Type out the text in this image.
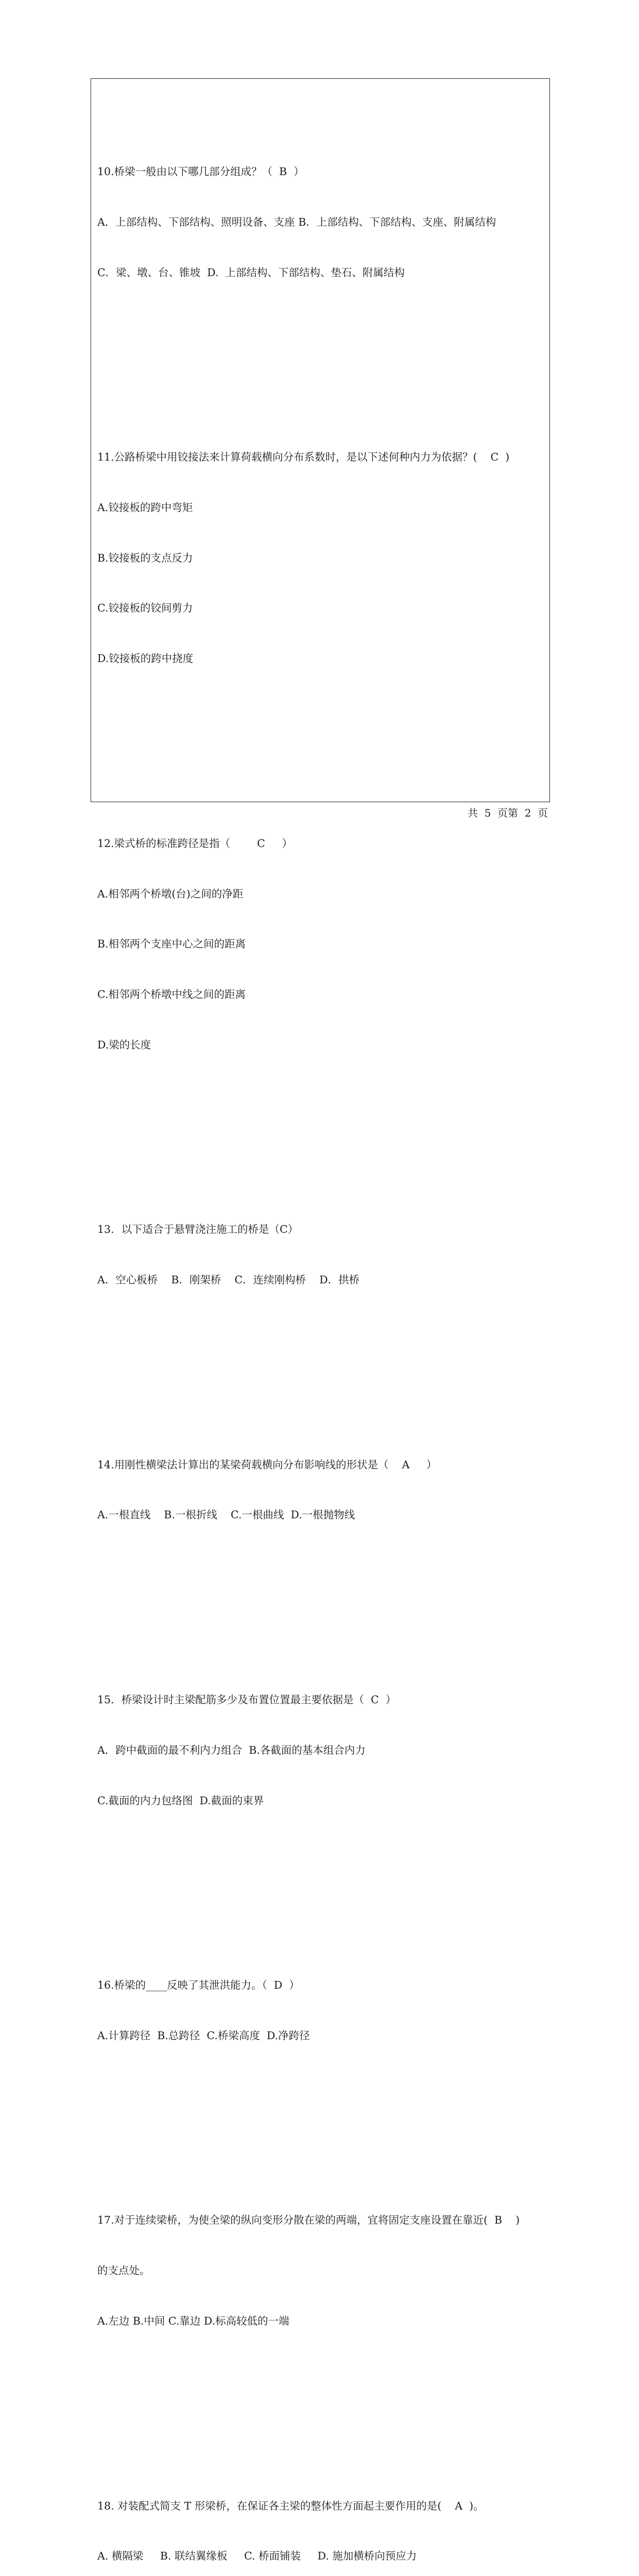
10.桥梁一般由以下哪几部分组成？（  B  ）

A．上部结构、下部结构、照明设备、支座 B．上部结构、下部结构、支座、附属结构

C．梁、墩、台、锥坡  D.  上部结构、下部结构、垫石、附属结构

11.公路桥梁中用铰接法来计算荷载横向分布系数时，是以下述何种内力为依据？(    C  )

A.铰接板的跨中弯矩

B.铰接板的支点反力

C.铰接板的铰间剪力

D.铰接板的跨中挠度

12.梁式桥的标准跨径是指（        C     ）

A.相邻两个桥墩(台)之间的净距

B.相邻两个支座中心之间的距离

C.相邻两个桥墩中线之间的距离

D.梁的长度

13．以下适合于悬臂浇注施工的桥是（C）

A．空心板桥    B．刚架桥    C．连续刚构桥    D．拱桥

14.用刚性横梁法计算出的某梁荷载横向分布影响线的形状是（    A     ）

A.一根直线    B.一根折线    C.一根曲线  D.一根抛物线

15．桥梁设计时主梁配筋多少及布置位置最主要依据是（  C  ）

A．跨中截面的最不利内力组合  B.各截面的基本组合内力

C.截面的内力包络图  D.截面的束界

16.桥梁的____反映了其泄洪能力。（  D  ）

A.计算跨径  B.总跨径  C.桥梁高度  D.净跨径

17.对于连续梁桥，为使全梁的纵向变形分散在梁的两端，宜将固定支座设置在靠近(  B    )

的支点处。

A.左边 B.中间 C.靠边 D.标高较低的一端

18. 对装配式简支 T 形梁桥，在保证各主梁的整体性方面起主要作用的是(    A  )。

A. 横隔梁     B. 联结翼缘板     C. 桥面铺装     D. 施加横桥向预应力

共  5  页第  2  页
